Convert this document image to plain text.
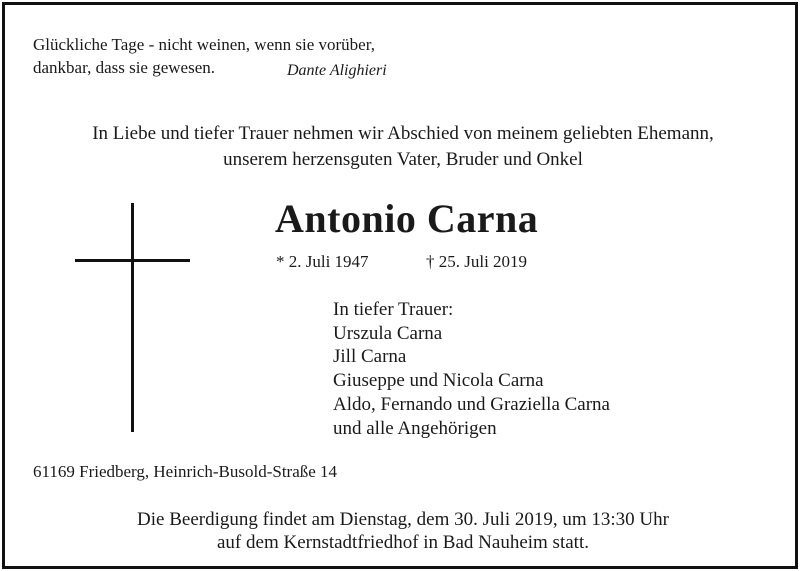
Glückliche Tage - nicht weinen, wenn sie vorüber,
dankbar, dass sie gewesen.	Dante Alighieri
In Liebe und tiefer Trauer nehmen wir Abschied von meinem geliebten Ehemann,
unserem herzensguten Vater, Bruder und Onkel
Antonio Carna
* 2. Juli 1947	† 25. Juli 2019
In tiefer Trauer:
Urszula Carna
Jill Carna
Giuseppe und Nicola Carna
Aldo, Fernando und Graziella Carna
und alle Angehörigen
61169 Friedberg, Heinrich-Busold-Straße 14
Die Beerdigung findet am Dienstag, dem 30. Juli 2019, um 13:30 Uhr
auf dem Kernstadtfriedhof in Bad Nauheim statt.
